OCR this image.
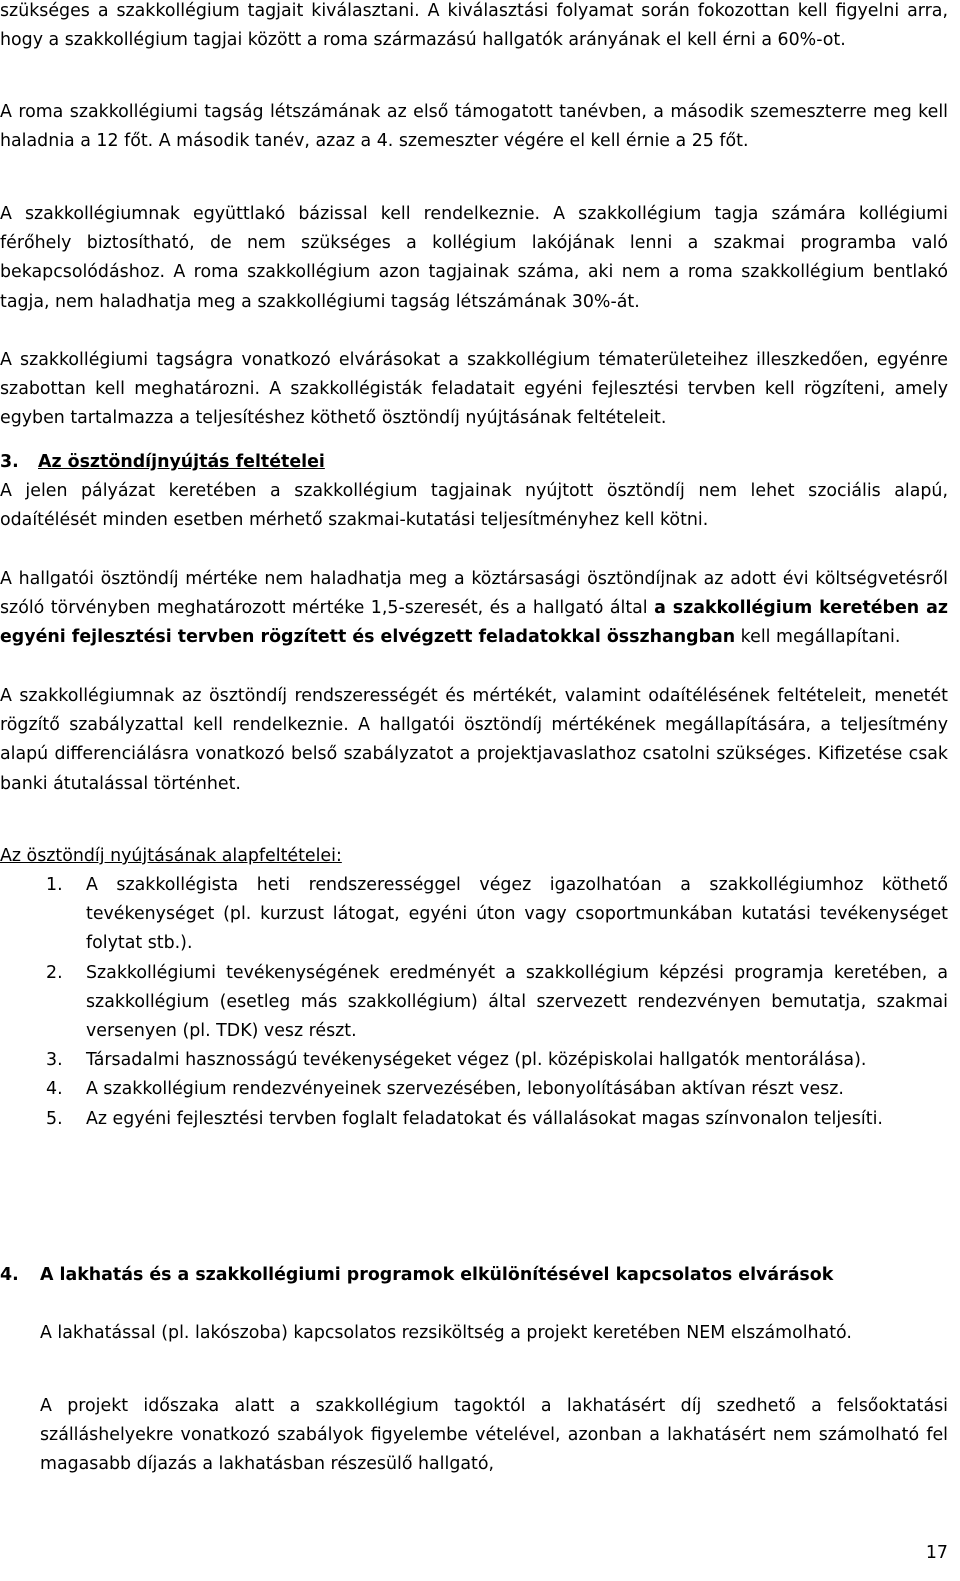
szükséges a szakkollégium tagjait kiválasztani. A kiválasztási folyamat során fokozottan kell figyelni arra, hogy a szakkollégium tagjai között a roma származású hallgatók arányának el kell érni a 60%-ot.

A roma szakkollégiumi tagság létszámának az első támogatott tanévben, a második szemeszterre meg kell haladnia a 12 főt. A második tanév, azaz a 4. szemeszter végére el kell érnie a 25 főt.

A szakkollégiumnak együttlakó bázissal kell rendelkeznie. A szakkollégium tagja számára kollégiumi férőhely biztosítható, de nem szükséges a kollégium lakójának lenni a szakmai programba való bekapcsolódáshoz. A roma szakkollégium azon tagjainak száma, aki nem a roma szakkollégium bentlakó tagja, nem haladhatja meg a szakkollégiumi tagság létszámának 30%-át.

A szakkollégiumi tagságra vonatkozó elvárásokat a szakkollégium tématerületeihez illeszkedően, egyénre szabottan kell meghatározni. A szakkollégisták feladatait egyéni fejlesztési tervben kell rögzíteni, amely egyben tartalmazza a teljesítéshez köthető ösztöndíj nyújtásának feltételeit.

3. Az ösztöndíjnyújtás feltételei

A jelen pályázat keretében a szakkollégium tagjainak nyújtott ösztöndíj nem lehet szociális alapú, odaítélését minden esetben mérhető szakmai-kutatási teljesítményhez kell kötni.

A hallgatói ösztöndíj mértéke nem haladhatja meg a köztársasági ösztöndíjnak az adott évi költségvetésről szóló törvényben meghatározott mértéke 1,5-szeresét, és a hallgató által a szakkollégium keretében az egyéni fejlesztési tervben rögzített és elvégzett feladatokkal összhangban kell megállapítani.

A szakkollégiumnak az ösztöndíj rendszerességét és mértékét, valamint odaítélésének feltételeit, menetét rögzítő szabályzattal kell rendelkeznie. A hallgatói ösztöndíj mértékének megállapítására, a teljesítmény alapú differenciálásra vonatkozó belső szabályzatot a projektjavaslathoz csatolni szükséges. Kifizetése csak banki átutalással történhet.

Az ösztöndíj nyújtásának alapfeltételei:

1. A szakkollégista heti rendszerességgel végez igazolhatóan a szakkollégiumhoz köthető tevékenységet (pl. kurzust látogat, egyéni úton vagy csoportmunkában kutatási tevékenységet folytat stb.).
2. Szakkollégiumi tevékenységének eredményét a szakkollégium képzési programja keretében, a szakkollégium (esetleg más szakkollégium) által szervezett rendezvényen bemutatja, szakmai versenyen (pl. TDK) vesz részt.
3. Társadalmi hasznosságú tevékenységeket végez (pl. középiskolai hallgatók mentorálása).
4. A szakkollégium rendezvényeinek szervezésében, lebonyolításában aktívan részt vesz.
5. Az egyéni fejlesztési tervben foglalt feladatokat és vállalásokat magas színvonalon teljesíti.
4. A lakhatás és a szakkollégiumi programok elkülönítésével kapcsolatos elvárások

A lakhatással (pl. lakószoba) kapcsolatos rezsiköltség a projekt keretében NEM elszámolható.

A projekt időszaka alatt a szakkollégium tagoktól a lakhatásért díj szedhető a felsőoktatási szálláshelyekre vonatkozó szabályok figyelembe vételével, azonban a lakhatásért nem számolható fel magasabb díjazás a lakhatásban részesülő hallgató,

17
